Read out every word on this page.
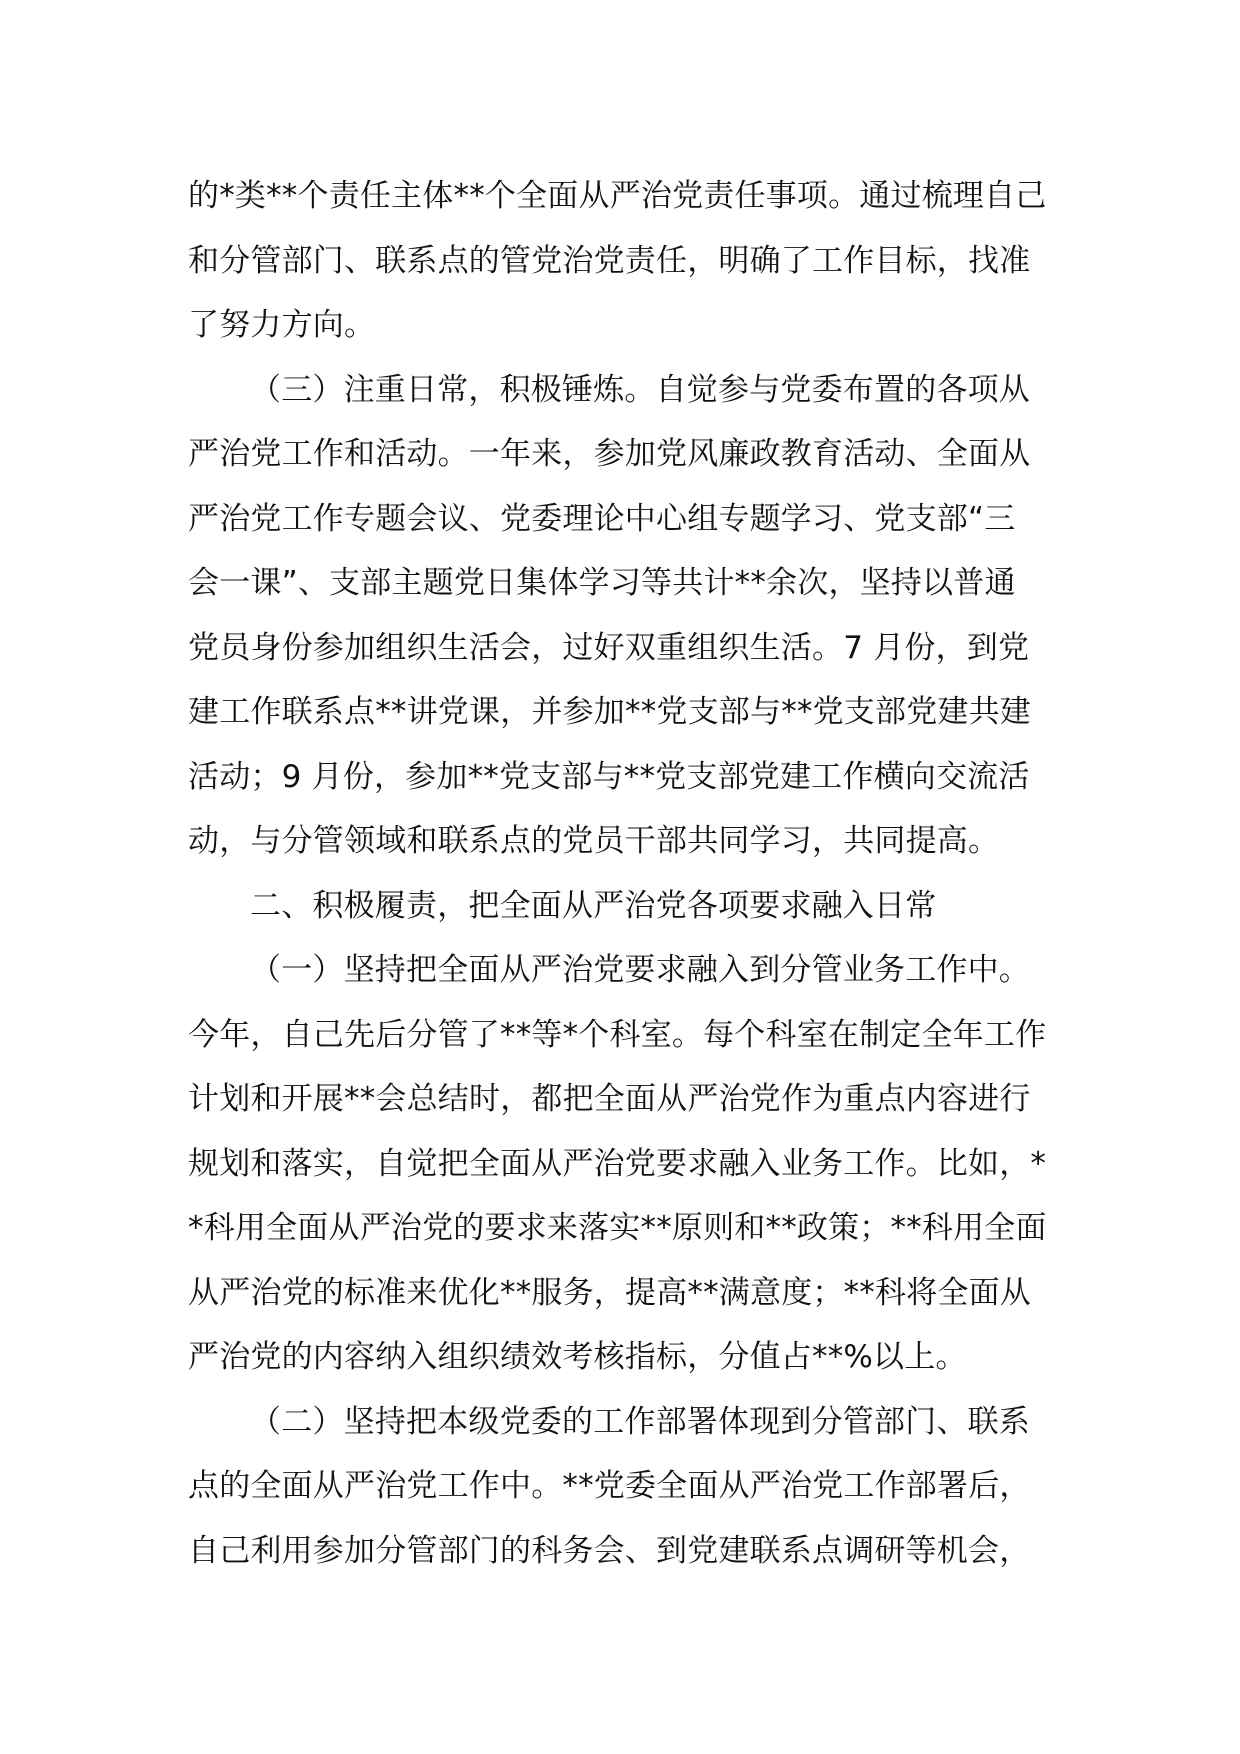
的*类**个责任主体**个全面从严治党责任事项。通过梳理自己
和分管部门、联系点的管党治党责任，明确了工作目标，找准
了努力方向。
（三）注重日常，积极锤炼。自觉参与党委布置的各项从
严治党工作和活动。一年来，参加党风廉政教育活动、全面从
严治党工作专题会议、党委理论中心组专题学习、党支部“三
会一课”、支部主题党日集体学习等共计**余次，坚持以普通
党员身份参加组织生活会，过好双重组织生活。7 月份，到党
建工作联系点**讲党课，并参加**党支部与**党支部党建共建
活动；9 月份，参加**党支部与**党支部党建工作横向交流活
动，与分管领域和联系点的党员干部共同学习，共同提高。
二、积极履责，把全面从严治党各项要求融入日常
（一）坚持把全面从严治党要求融入到分管业务工作中。
今年，自己先后分管了**等*个科室。每个科室在制定全年工作
计划和开展**会总结时，都把全面从严治党作为重点内容进行
规划和落实，自觉把全面从严治党要求融入业务工作。比如，*
*科用全面从严治党的要求来落实**原则和**政策；**科用全面
从严治党的标准来优化**服务，提高**满意度；**科将全面从
严治党的内容纳入组织绩效考核指标，分值占**%以上。
（二）坚持把本级党委的工作部署体现到分管部门、联系
点的全面从严治党工作中。**党委全面从严治党工作部署后，
自己利用参加分管部门的科务会、到党建联系点调研等机会，
